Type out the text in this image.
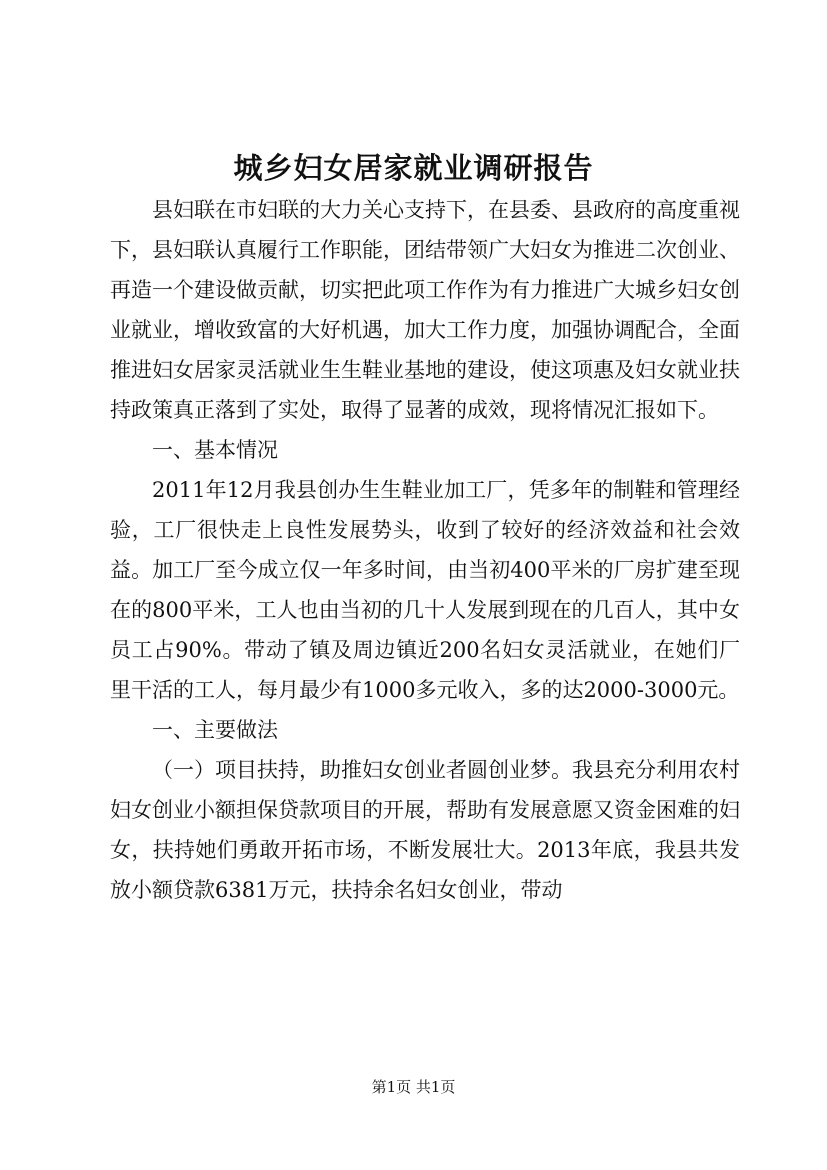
城乡妇女居家就业调研报告

县妇联在市妇联的大力关心支持下，在县委、县政府的高度重视下，县妇联认真履行工作职能，团结带领广大妇女为推进二次创业、再造一个建设做贡献，切实把此项工作作为有力推进广大城乡妇女创业就业，增收致富的大好机遇，加大工作力度，加强协调配合，全面推进妇女居家灵活就业生生鞋业基地的建设，使这项惠及妇女就业扶持政策真正落到了实处，取得了显著的成效，现将情况汇报如下。

一、基本情况

2011年12月我县创办生生鞋业加工厂，凭多年的制鞋和管理经验，工厂很快走上良性发展势头，收到了较好的经济效益和社会效益。加工厂至今成立仅一年多时间，由当初400平米的厂房扩建至现在的800平米，工人也由当初的几十人发展到现在的几百人，其中女员工占90%。带动了镇及周边镇近200名妇女灵活就业，在她们厂里干活的工人，每月最少有1000多元收入，多的达2000-3000元。

一、主要做法

（一）项目扶持，助推妇女创业者圆创业梦。我县充分利用农村妇女创业小额担保贷款项目的开展，帮助有发展意愿又资金困难的妇女，扶持她们勇敢开拓市场，不断发展壮大。2013年底，我县共发放小额贷款6381万元，扶持余名妇女创业，带动

第1页 共1页
